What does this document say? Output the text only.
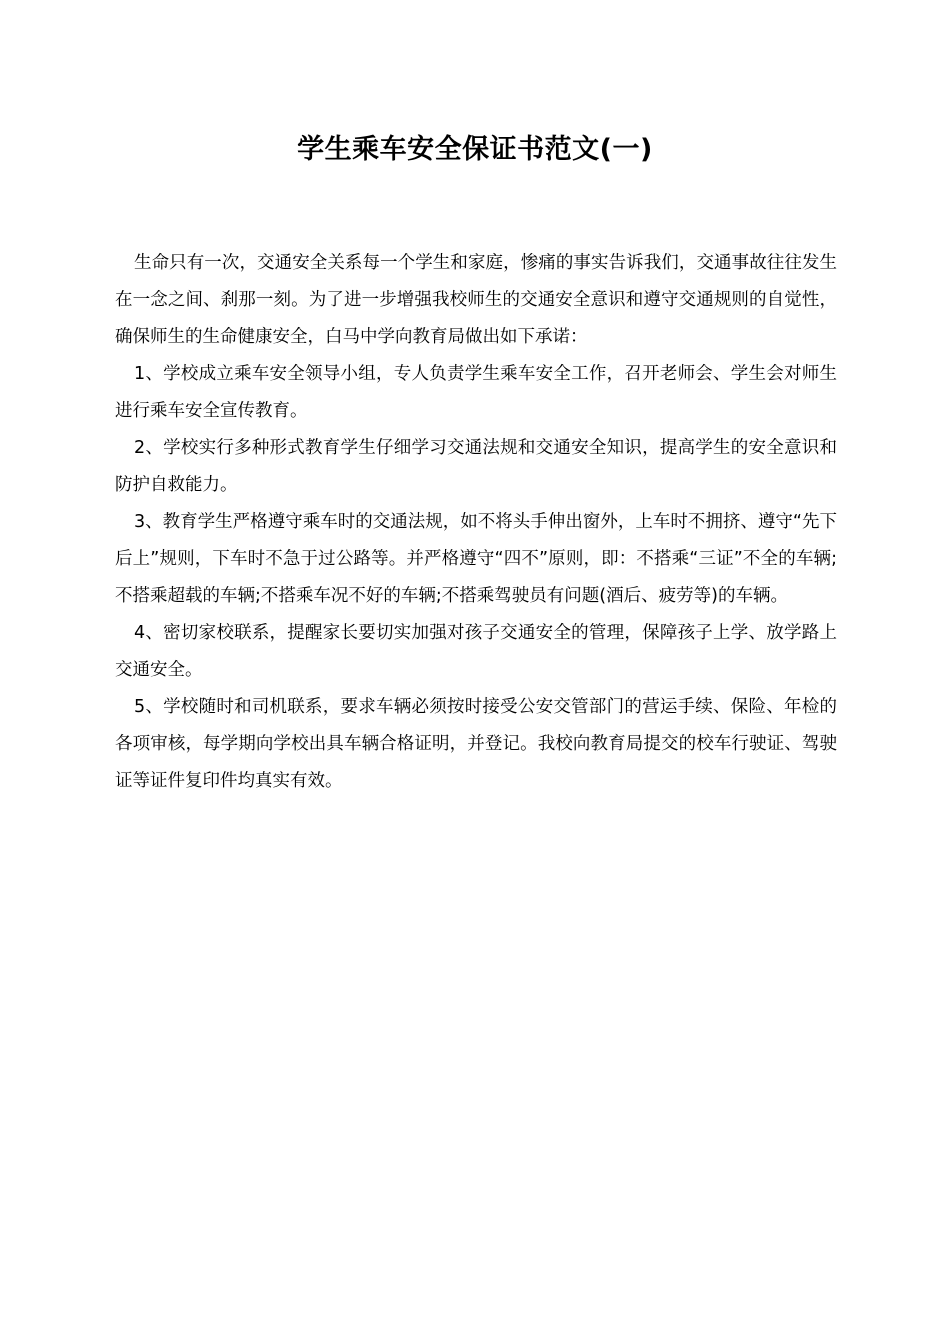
学生乘车安全保证书范文(一)

生命只有一次，交通安全关系每一个学生和家庭，惨痛的事实告诉我们，交通事故往往发生在一念之间、刹那一刻。为了进一步增强我校师生的交通安全意识和遵守交通规则的自觉性，确保师生的生命健康安全，白马中学向教育局做出如下承诺：

1、学校成立乘车安全领导小组，专人负责学生乘车安全工作，召开老师会、学生会对师生进行乘车安全宣传教育。

2、学校实行多种形式教育学生仔细学习交通法规和交通安全知识，提高学生的安全意识和防护自救能力。

3、教育学生严格遵守乘车时的交通法规，如不将头手伸出窗外，上车时不拥挤、遵守“先下后上”规则，下车时不急于过公路等。并严格遵守“四不”原则，即：不搭乘“三证”不全的车辆;不搭乘超载的车辆;不搭乘车况不好的车辆;不搭乘驾驶员有问题(酒后、疲劳等)的车辆。

4、密切家校联系，提醒家长要切实加强对孩子交通安全的管理，保障孩子上学、放学路上交通安全。

5、学校随时和司机联系，要求车辆必须按时接受公安交管部门的营运手续、保险、年检的各项审核，每学期向学校出具车辆合格证明，并登记。我校向教育局提交的校车行驶证、驾驶证等证件复印件均真实有效。
